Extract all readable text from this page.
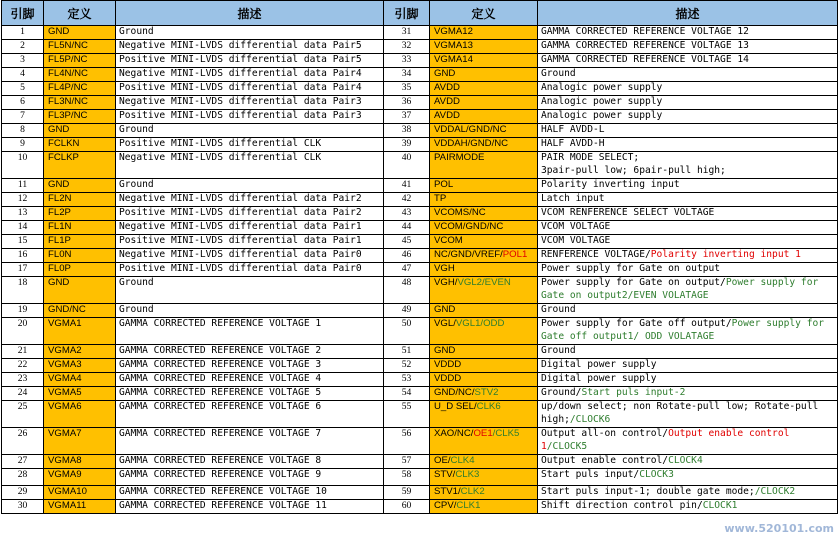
引脚	定义	描述	引脚	定义	描述
1	GND	Ground	31	VGMA12	GAMMA CORRECTED REFERENCE VOLTAGE 12
2	FL5N/NC	Negative MINI-LVDS differential data Pair5	32	VGMA13	GAMMA CORRECTED REFERENCE VOLTAGE 13
3	FL5P/NC	Positive MINI-LVDS differential data Pair5	33	VGMA14	GAMMA CORRECTED REFERENCE VOLTAGE 14
4	FL4N/NC	Negative MINI-LVDS differential data Pair4	34	GND	Ground
5	FL4P/NC	Positive MINI-LVDS differential data Pair4	35	AVDD	Analogic power supply
6	FL3N/NC	Negative MINI-LVDS differential data Pair3	36	AVDD	Analogic power supply
7	FL3P/NC	Positive MINI-LVDS differential data Pair3	37	AVDD	Analogic power supply
8	GND	Ground	38	VDDAL/GND/NC	HALF AVDD-L
9	FCLKN	Positive MINI-LVDS differential CLK	39	VDDAH/GND/NC	HALF AVDD-H
10	FCLKP	Negative MINI-LVDS differential CLK	40	PAIRMODE	PAIR MODE SELECT;
3pair-pull low; 6pair-pull high;
11	GND	Ground	41	POL	Polarity inverting input
12	FL2N	Negative MINI-LVDS differential data Pair2	42	TP	Latch input
13	FL2P	Positive MINI-LVDS differential data Pair2	43	VCOMS/NC	VCOM RENFERENCE SELECT VOLTAGE
14	FL1N	Negative MINI-LVDS differential data Pair1	44	VCOM/GND/NC	VCOM VOLTAGE
15	FL1P	Positive MINI-LVDS differential data Pair1	45	VCOM	VCOM VOLTAGE
16	FL0N	Negative MINI-LVDS differential data Pair0	46	NC/GND/VREF/POL1	RENFERENCE VOLTAGE/Polarity inverting input 1
17	FL0P	Positive MINI-LVDS differential data Pair0	47	VGH	Power supply for Gate on output
18	GND	Ground	48	VGH/VGL2/EVEN	Power supply for Gate on output/Power supply for Gate on output2/EVEN VOLATAGE
19	GND/NC	Ground	49	GND	Ground
20	VGMA1	GAMMA CORRECTED REFERENCE VOLTAGE 1	50	VGL/VGL1/ODD	Power supply for Gate off output/Power supply for Gate off output1/ ODD VOLATAGE
21	VGMA2	GAMMA CORRECTED REFERENCE VOLTAGE 2	51	GND	Ground
22	VGMA3	GAMMA CORRECTED REFERENCE VOLTAGE 3	52	VDDD	Digital power supply
23	VGMA4	GAMMA CORRECTED REFERENCE VOLTAGE 4	53	VDDD	Digital power supply
24	VGMA5	GAMMA CORRECTED REFERENCE VOLTAGE 5	54	GND/NC/STV2	Ground/Start puls input-2
25	VGMA6	GAMMA CORRECTED REFERENCE VOLTAGE 6	55	U_D SEL/CLK6	up/down select; non Rotate-pull low; Rotate-pull high;/CLOCK6
26	VGMA7	GAMMA CORRECTED REFERENCE VOLTAGE 7	56	XAO/NC/OE1/CLK5	Output all-on control/Output enable control 1/CLOCK5
27	VGMA8	GAMMA CORRECTED REFERENCE VOLTAGE 8	57	OE/CLK4	Output enable control/CLOCK4
28	VGMA9	GAMMA CORRECTED REFERENCE VOLTAGE 9	58	STV/CLK3	Start puls input/CLOCK3
29	VGMA10	GAMMA CORRECTED REFERENCE VOLTAGE 10	59	STV1/CLK2	Start puls input-1; double gate mode;/CLOCK2
30	VGMA11	GAMMA CORRECTED REFERENCE VOLTAGE 11	60	CPV/CLK1	Shift direction control pin/CLOCK1
www.520101.com
